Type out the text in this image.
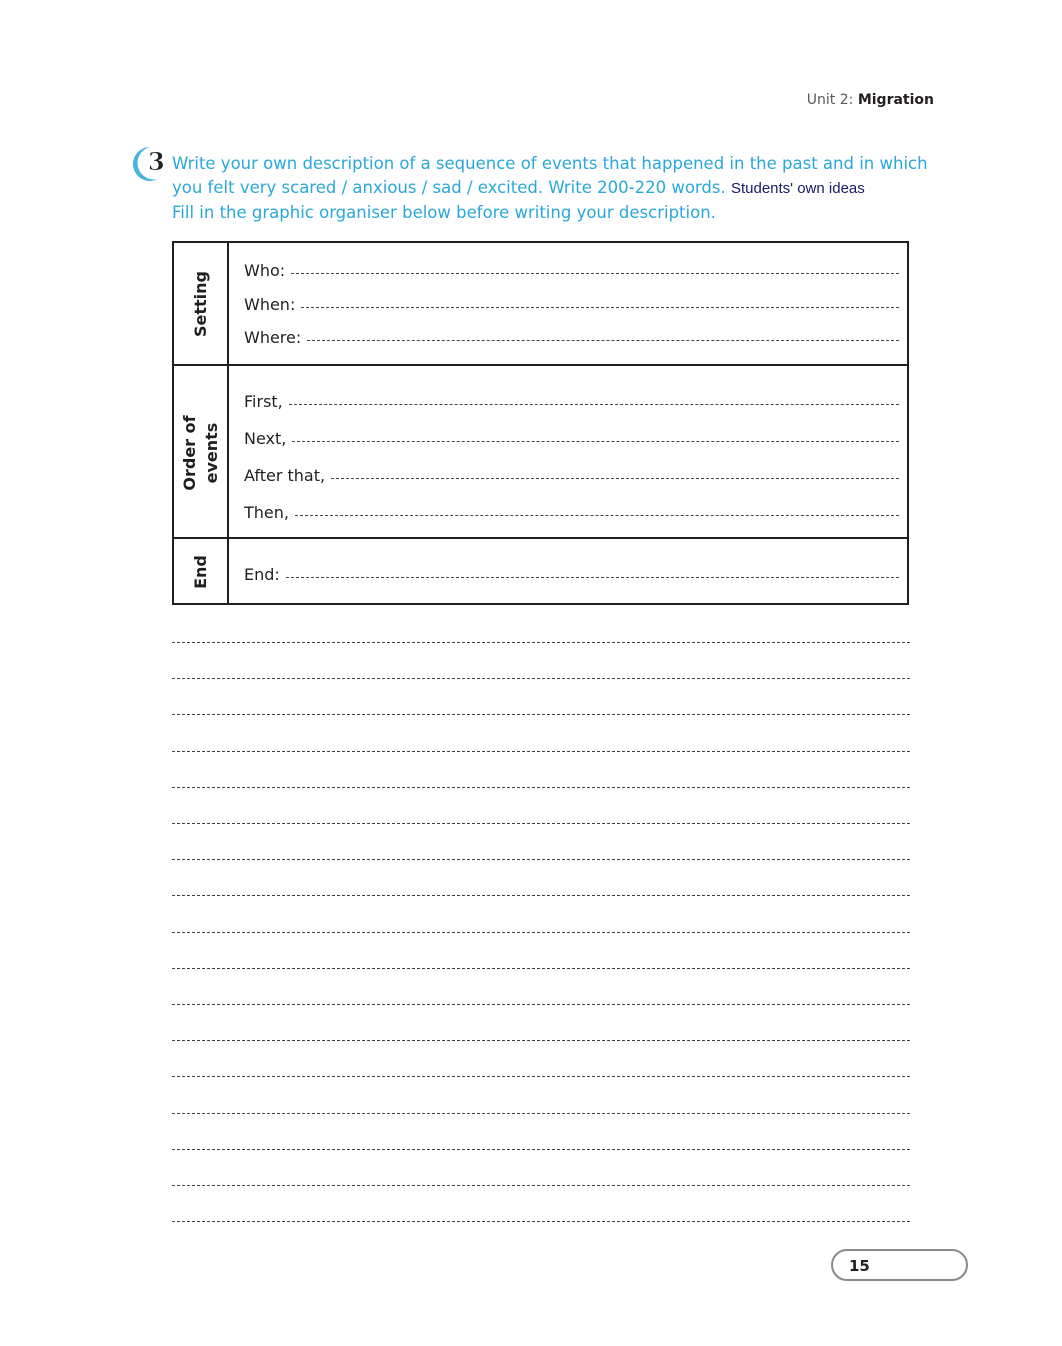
Unit 2: Migration
3 Write your own description of a sequence of events that happened in the past and in which
you felt very scared / anxious / sad / excited. Write 200-220 words. Students' own ideas
Fill in the graphic organiser below before writing your description.
Setting Who:
When:
Where:
Order of events
First,
Next,
After that,
Then,
End End:
15
